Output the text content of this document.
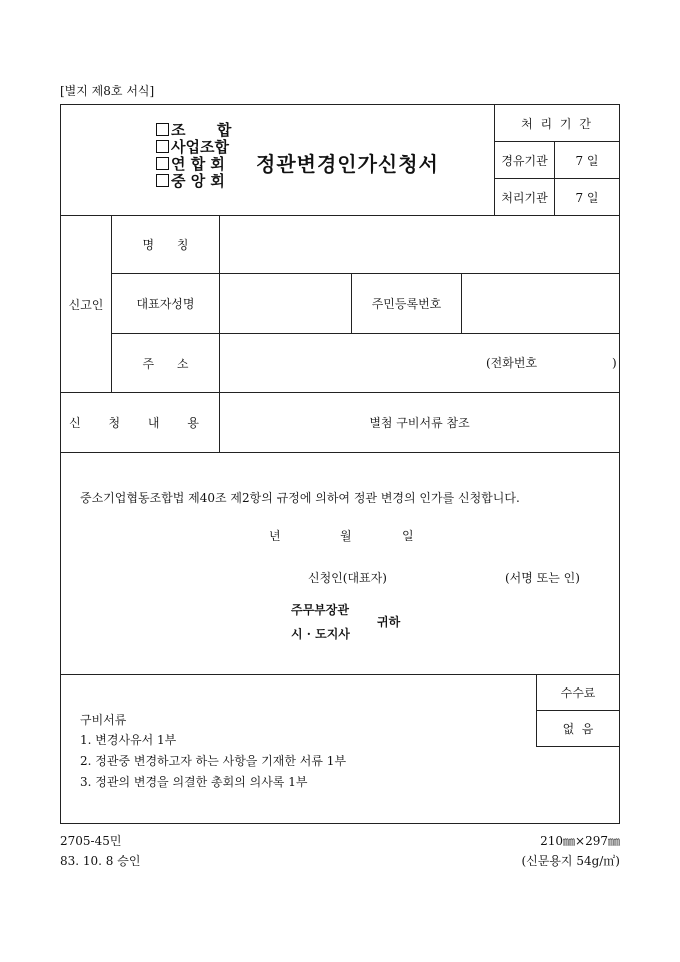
[별지 제8호 서식]
조      합
사업조합
연 합 회
중 앙 회
정관변경인가신청서
처 리 기 간
경유기관	7 일
처리기관	7 일
신고인
명      칭
대표자성명	주민등록번호
주      소	(전화번호	)
신 청 내 용	별첨 구비서류 참조
중소기업협동조합법 제40조 제2항의 규정에 의하여 정관 변경의 인가를 신청합니다.
년	월	일
신청인(대표자)	(서명 또는 인)
주무부장관
시 · 도지사
귀하
구비서류
1. 변경사유서 1부
2. 정관중 변경하고자 하는 사항을 기재한 서류 1부
3. 정관의 변경을 의결한 총회의 의사록 1부
수수료
없  음
2705-45민
83. 10. 8 승인
210㎜×297㎜
(신문용지 54g/㎡)
